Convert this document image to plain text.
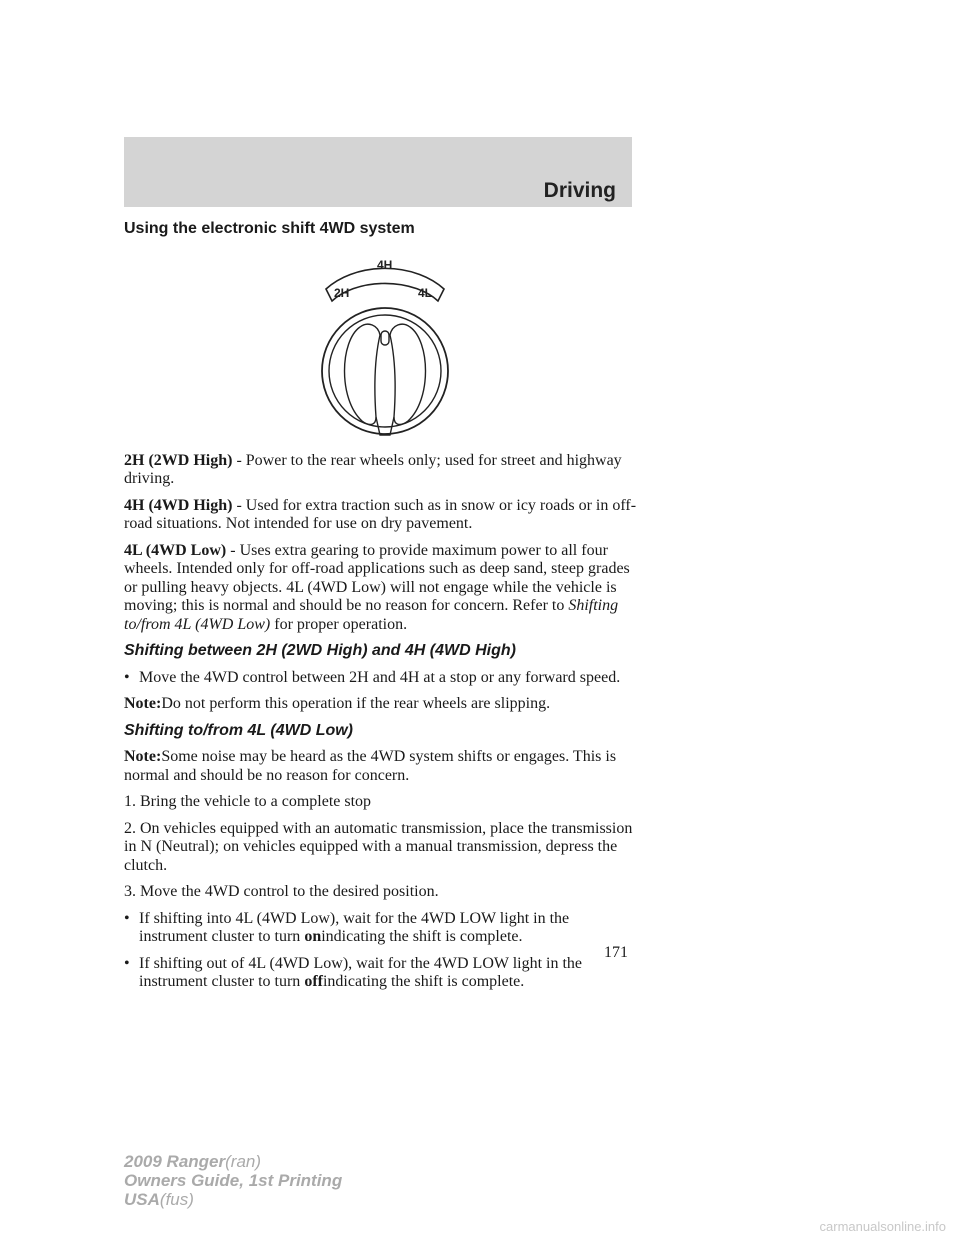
Driving
Using the electronic shift 4WD system
2H
4H
4L

2H (2WD High) - Power to the rear wheels only; used for street and highway driving.

4H (4WD High) - Used for extra traction such as in snow or icy roads or in off-road situations. Not intended for use on dry pavement.

4L (4WD Low) - Uses extra gearing to provide maximum power to all four wheels. Intended only for off-road applications such as deep sand, steep grades or pulling heavy objects. 4L (4WD Low) will not engage while the vehicle is moving; this is normal and should be no reason for concern. Refer to Shifting to/from 4L (4WD Low) for proper operation.

Shifting between 2H (2WD High) and 4H (4WD High)
• Move the 4WD control between 2H and 4H at a stop or any forward speed.

Note:Do not perform this operation if the rear wheels are slipping.

Shifting to/from 4L (4WD Low)

Note:Some noise may be heard as the 4WD system shifts or engages. This is normal and should be no reason for concern.

1. Bring the vehicle to a complete stop

2. On vehicles equipped with an automatic transmission, place the transmission in N (Neutral); on vehicles equipped with a manual transmission, depress the clutch.

3. Move the 4WD control to the desired position.

• If shifting into 4L (4WD Low), wait for the 4WD LOW light in the instrument cluster to turn onindicating the shift is complete.
• If shifting out of 4L (4WD Low), wait for the 4WD LOW light in the instrument cluster to turn offindicating the shift is complete.
171
2009 Ranger(ran)
Owners Guide, 1st Printing
USA(fus)
carmanualsonline.info
